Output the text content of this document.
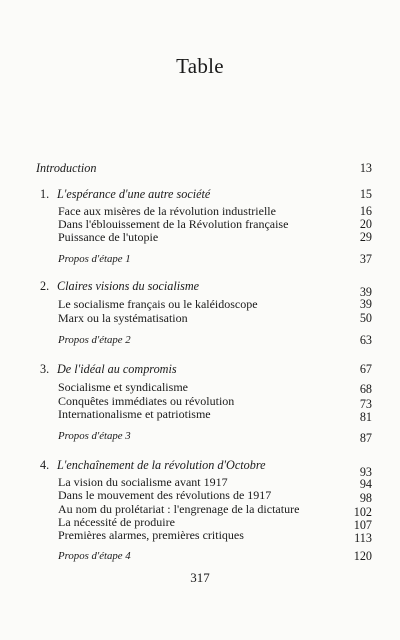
Table
Introduction	13
1. L'espérance d'une autre société	15
Face aux misères de la révolution industrielle	16
Dans l'éblouissement de la Révolution française	20
Puissance de l'utopie	29
Propos d'étape 1	37
2. Claires visions du socialisme	39
Le socialisme français ou le kaléidoscope	39
Marx ou la systématisation	50
Propos d'étape 2	63
3. De l'idéal au compromis	67
Socialisme et syndicalisme	68
Conquêtes immédiates ou révolution	73
Internationalisme et patriotisme	81
Propos d'étape 3	87
4. L'enchaînement de la révolution d'Octobre	93
La vision du socialisme avant 1917	94
Dans le mouvement des révolutions de 1917	98
Au nom du prolétariat : l'engrenage de la dictature	102
La nécessité de produire	107
Premières alarmes, premières critiques	113
Propos d'étape 4	120
317
